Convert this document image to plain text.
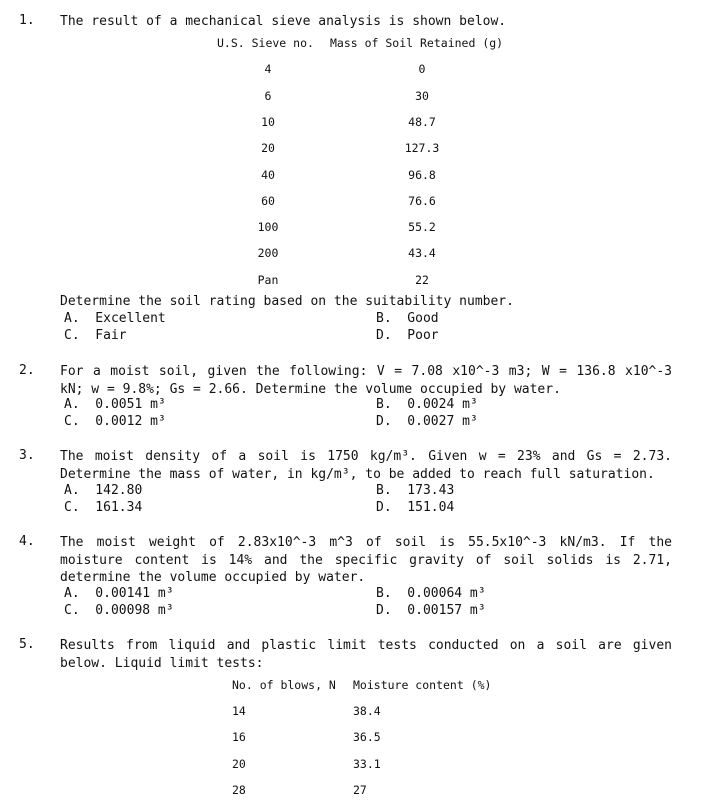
1. The result of a mechanical sieve analysis is shown below.
U.S. Sieve no. Mass of Soil Retained (g)
4	0
6	30
10	48.7
20	127.3
40	96.8
60	76.6
100	55.2
200	43.4
Pan	22
Determine the soil rating based on the suitability number.
A.  Excellent	B.  Good
C.  Fair	D.  Poor
2. For a moist soil, given the following: V = 7.08 x10^-3 m3; W = 136.8 x10^-3 kN; w = 9.8%; Gs = 2.66. Determine the volume occupied by water.
A.  0.0051 m³	B.  0.0024 m³
C.  0.0012 m³	D.  0.0027 m³
3. The moist density of a soil is 1750 kg/m³. Given w = 23% and Gs = 2.73. Determine the mass of water, in kg/m³, to be added to reach full saturation.
A.  142.80	B.  173.43
C.  161.34	D.  151.04
4. The moist weight of 2.83x10^-3 m^3 of soil is 55.5x10^-3 kN/m3. If the moisture content is 14% and the specific gravity of soil solids is 2.71, determine the volume occupied by water.
A.  0.00141 m³	B.  0.00064 m³
C.  0.00098 m³	D.  0.00157 m³
5. Results from liquid and plastic limit tests conducted on a soil are given below. Liquid limit tests:
No. of blows, N Moisture content (%)
14	38.4
16	36.5
20	33.1
28	27
